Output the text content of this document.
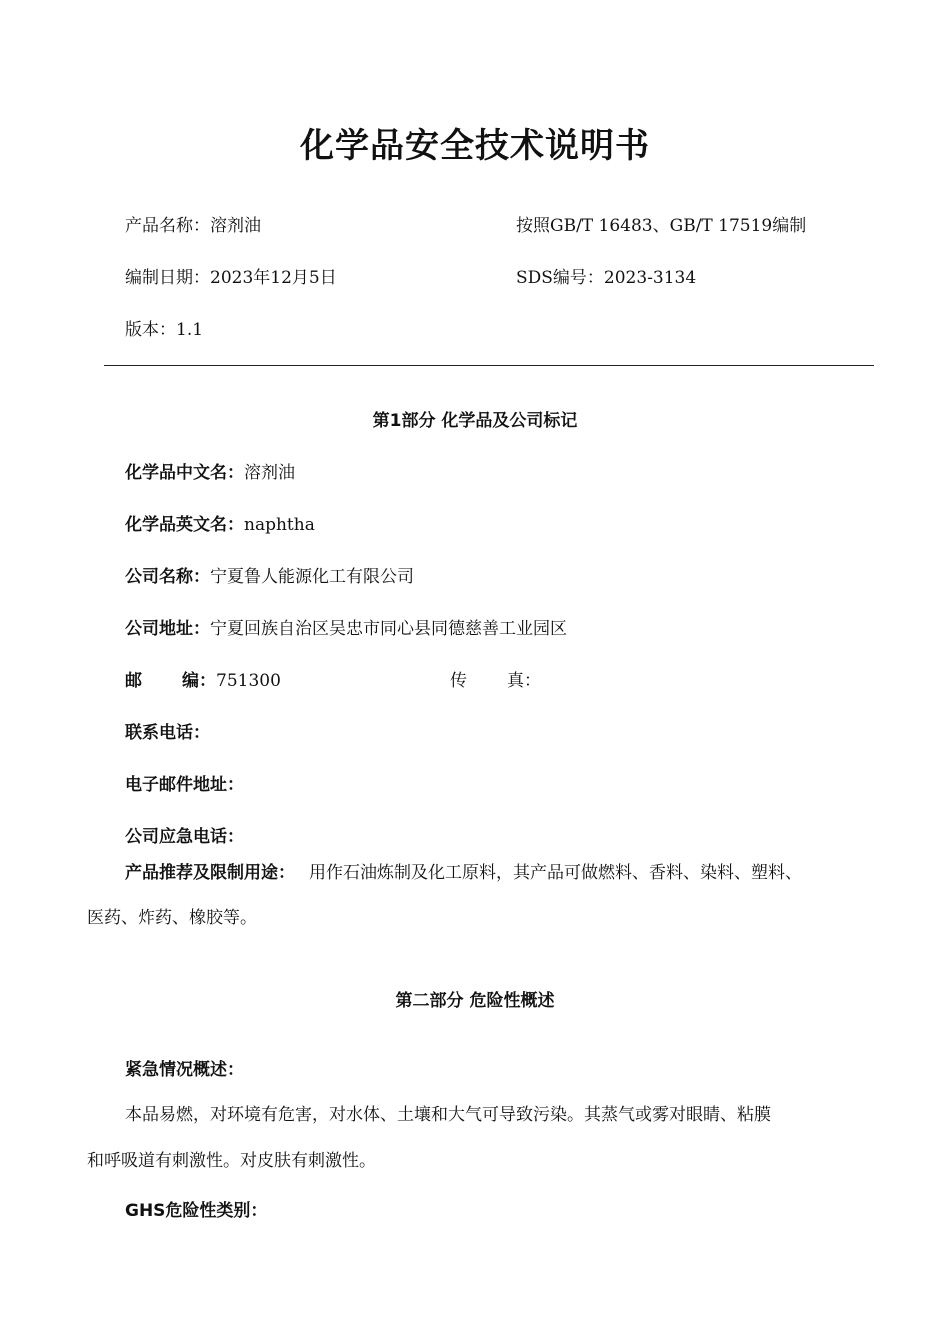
化学品安全技术说明书
产品名称：溶剂油	按照GB/T 16483、GB/T 17519编制
编制日期：2023年12月5日	SDS编号：2023-3134
版本：1.1
第1部分 化学品及公司标记
化学品中文名：溶剂油
化学品英文名：naphtha
公司名称：宁夏鲁人能源化工有限公司
公司地址：宁夏回族自治区吴忠市同心县同德慈善工业园区
邮 编：751300	传 真：
联系电话：
电子邮件地址：
公司应急电话：
产品推荐及限制用途： 用作石油炼制及化工原料，其产品可做燃料、香料、染料、塑料、
医药、炸药、橡胶等。
第二部分 危险性概述
紧急情况概述：
本品易燃，对环境有危害，对水体、土壤和大气可导致污染。其蒸气或雾对眼睛、粘膜
和呼吸道有刺激性。对皮肤有刺激性。
GHS危险性类别：
